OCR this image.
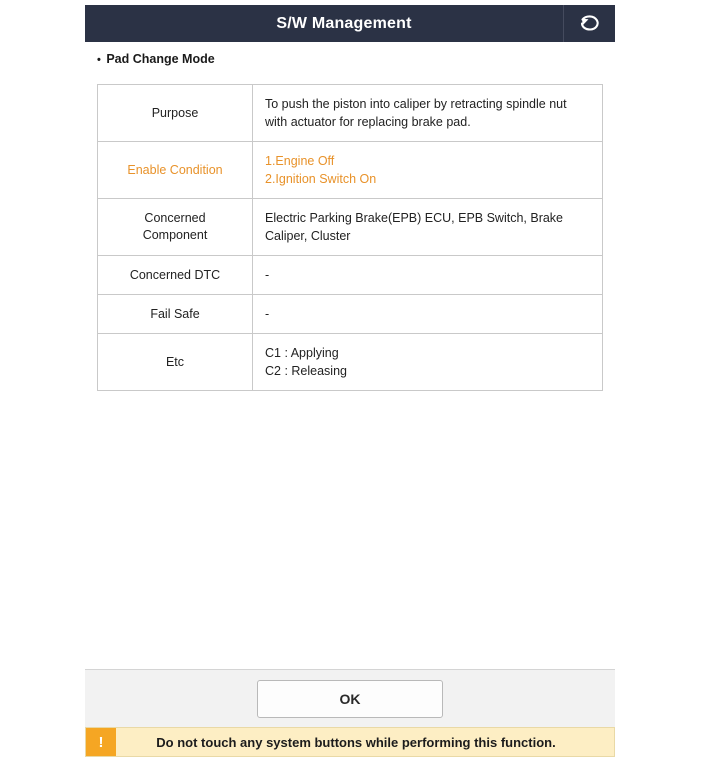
S/W Management
• Pad Change Mode
Purpose	To push the piston into caliper by retracting spindle nut
with actuator for replacing brake pad.

Enable Condition	1.Engine Off
2.Ignition Switch On

Concerned
Component	Electric Parking Brake(EPB) ECU, EPB Switch, Brake
Caliper, Cluster

Concerned DTC	-
Fail Safe	-
Etc	C1 : Applying
C2 : Releasing
OK
!	Do not touch any system buttons while performing this function.
